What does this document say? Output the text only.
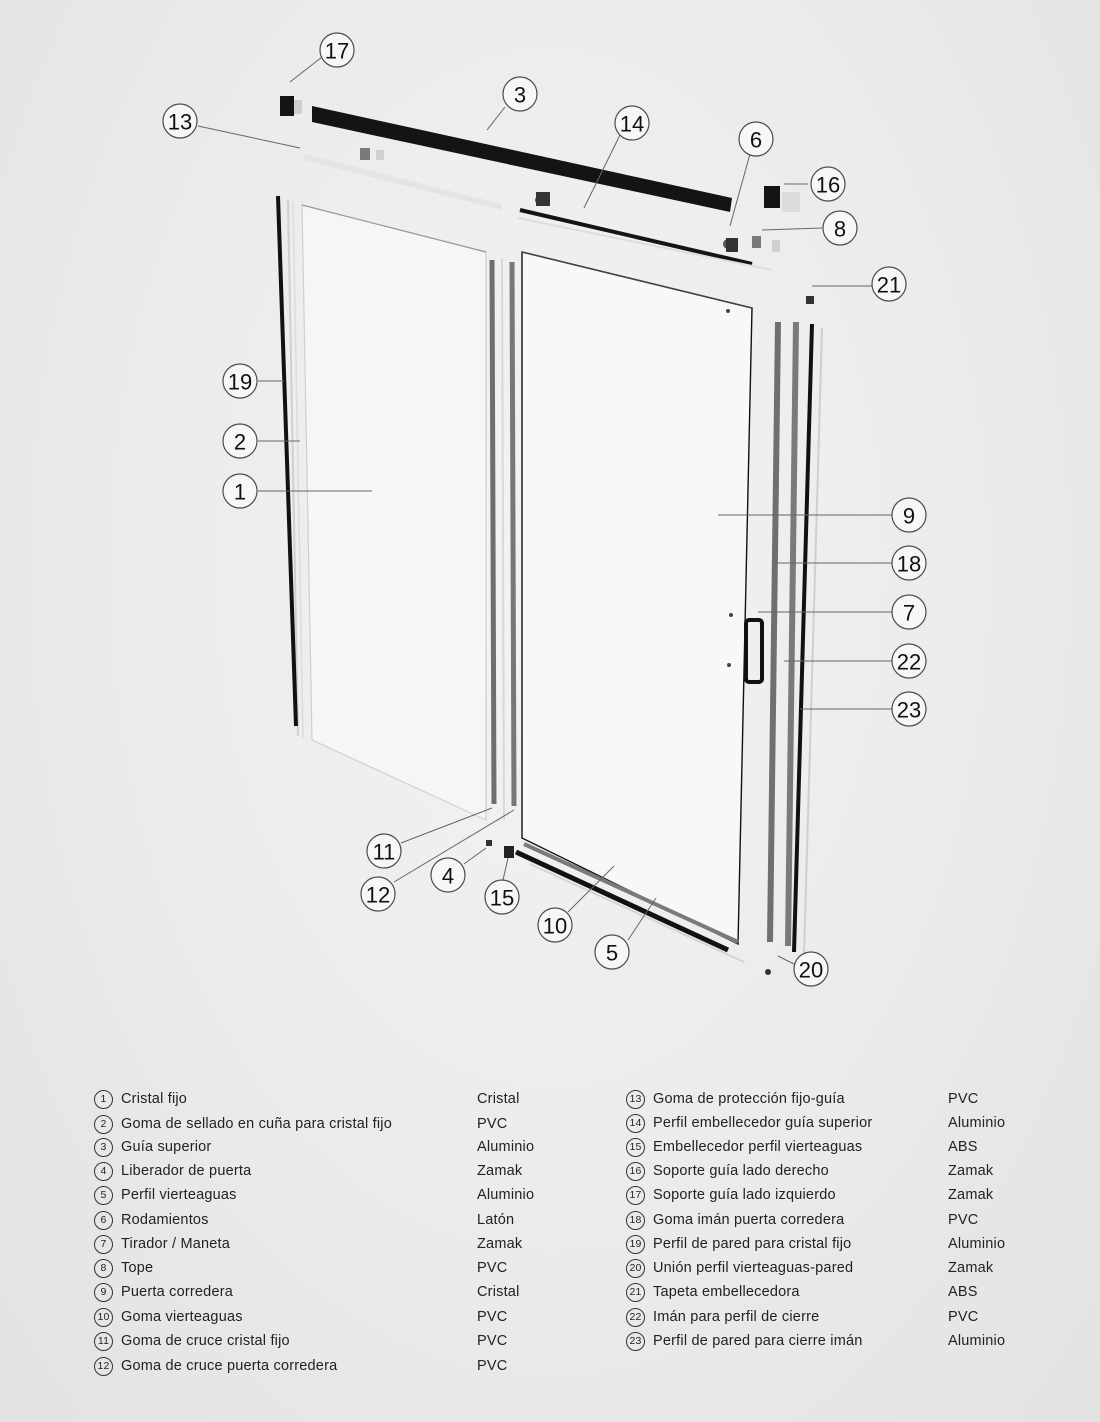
17
13
3
14
6
16
8
21
19
2
1
9
18
7
22
23
11
12
4
15
10
5
20
1 Cristal fijo	Cristal
2 Goma de sellado en cuña para cristal fijo	PVC
3 Guía superior	Aluminio
4 Liberador de puerta	Zamak
5 Perfil vierteaguas	Aluminio
6 Rodamientos	Latón
7 Tirador / Maneta	Zamak
8 Tope	PVC
9 Puerta corredera	Cristal
10 Goma vierteaguas	PVC
11 Goma de cruce cristal fijo	PVC
12 Goma de cruce puerta corredera	PVC
13 Goma de protección fijo-guía	PVC
14 Perfil embellecedor guía superior	Aluminio
15 Embellecedor perfil vierteaguas	ABS
16 Soporte guía lado derecho	Zamak
17 Soporte guía lado izquierdo	Zamak
18 Goma imán puerta corredera	PVC
19 Perfil de pared para cristal fijo	Aluminio
20 Unión perfil vierteaguas-pared	Zamak
21 Tapeta embellecedora	ABS
22 Imán para perfil de cierre	PVC
23 Perfil de pared para cierre imán	Aluminio
